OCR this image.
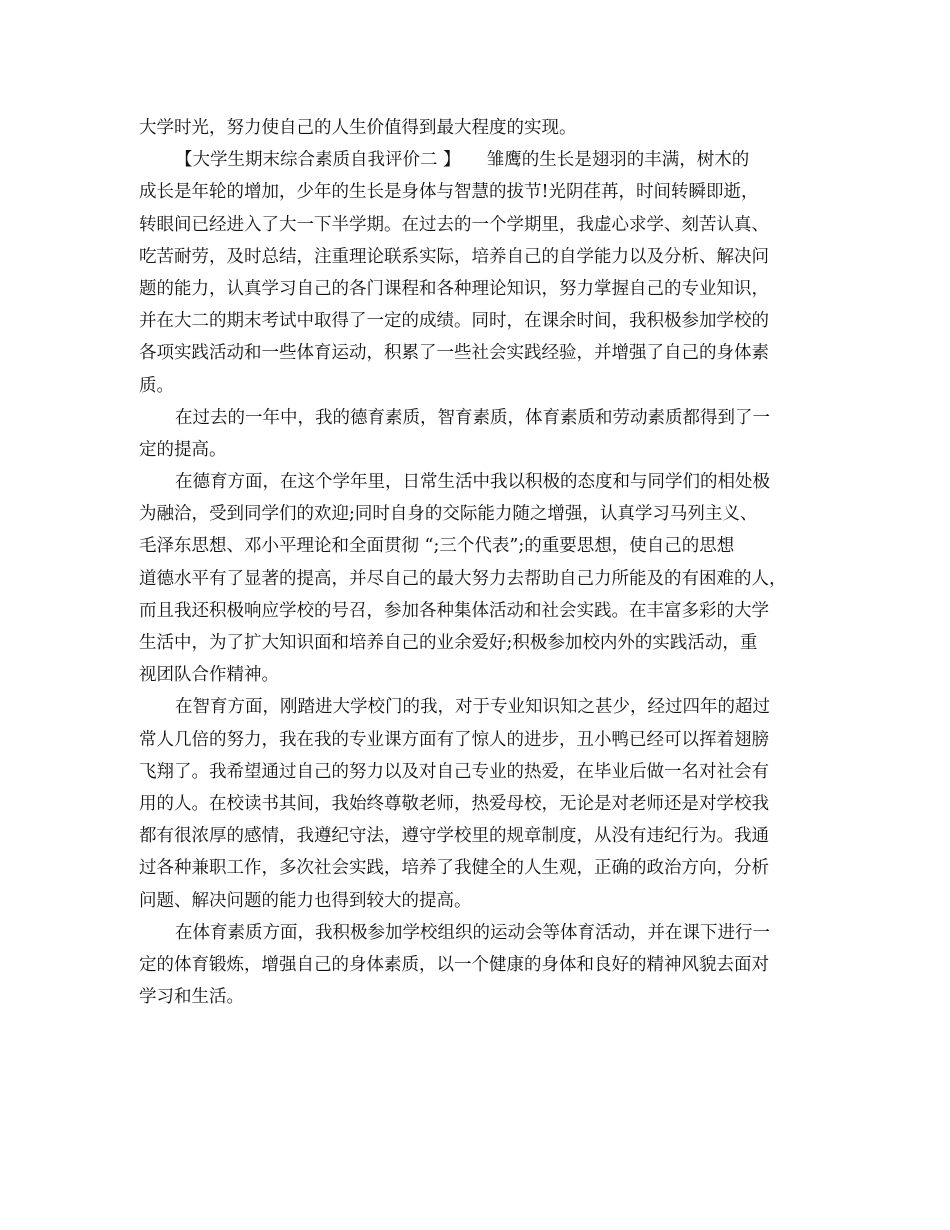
大学时光，努力使自己的人生价值得到最大程度的实现。
【大学生期末综合素质自我评价二 】　　雏鹰的生长是翅羽的丰满，树木的
成长是年轮的增加，少年的生长是身体与智慧的拔节!光阴荏苒，时间转瞬即逝，
转眼间已经进入了大一下半学期。在过去的一个学期里，我虚心求学、刻苦认真、
吃苦耐劳，及时总结，注重理论联系实际，培养自己的自学能力以及分析、解决问
题的能力，认真学习自己的各门课程和各种理论知识，努力掌握自己的专业知识，
并在大二的期末考试中取得了一定的成绩。同时，在课余时间，我积极参加学校的
各项实践活动和一些体育运动，积累了一些社会实践经验，并增强了自己的身体素
质。
在过去的一年中，我的德育素质，智育素质，体育素质和劳动素质都得到了一
定的提高。
在德育方面，在这个学年里，日常生活中我以积极的态度和与同学们的相处极
为融洽，受到同学们的欢迎;同时自身的交际能力随之增强，认真学习马列主义、
毛泽东思想、邓小平理论和全面贯彻 “;三个代表”;的重要思想，使自己的思想
道德水平有了显著的提高，并尽自己的最大努力去帮助自己力所能及的有困难的人，
而且我还积极响应学校的号召，参加各种集体活动和社会实践。在丰富多彩的大学
生活中，为了扩大知识面和培养自己的业余爱好;积极参加校内外的实践活动，重
视团队合作精神。
在智育方面，刚踏进大学校门的我，对于专业知识知之甚少，经过四年的超过
常人几倍的努力，我在我的专业课方面有了惊人的进步，丑小鸭已经可以挥着翅膀
飞翔了。我希望通过自己的努力以及对自己专业的热爱，在毕业后做一名对社会有
用的人。在校读书其间，我始终尊敬老师，热爱母校，无论是对老师还是对学校我
都有很浓厚的感情，我遵纪守法，遵守学校里的规章制度，从没有违纪行为。我通
过各种兼职工作，多次社会实践，培养了我健全的人生观，正确的政治方向，分析
问题、解决问题的能力也得到较大的提高。
在体育素质方面，我积极参加学校组织的运动会等体育活动，并在课下进行一
定的体育锻炼，增强自己的身体素质，以一个健康的身体和良好的精神风貌去面对
学习和生活。
